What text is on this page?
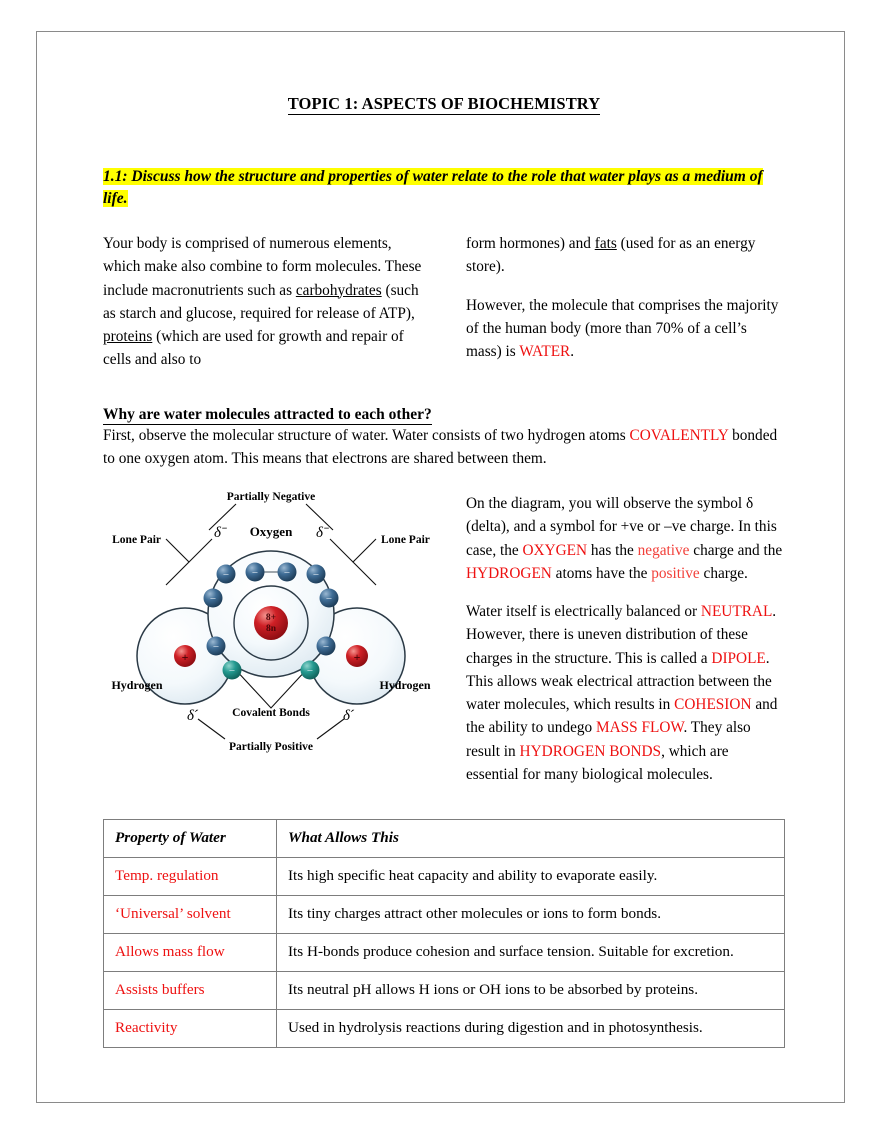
TOPIC 1: ASPECTS OF BIOCHEMISTRY
1.1: Discuss how the structure and properties of water relate to the role that water plays as a medium of life.

Your body is comprised of numerous elements, which make also combine to form molecules. These include macronutrients such as carbohydrates (such as starch and glucose, required for release of ATP), proteins (which are used for growth and repair of cells and also to

form hormones) and fats (used for as an energy store).

However, the molecule that comprises the majority of the human body (more than 70% of a cell’s mass) is WATER.

Why are water molecules attracted to each other?

First, observe the molecular structure of water. Water consists of two hydrogen atoms COVALENTLY bonded to one oxygen atom. This means that electrons are shared between them.

8+
8n
+	+
−	−
−	−
− −
−	−
−	−
Partially Negative
Partially Positive
Lone Pair	Lone Pair
Oxygen
Hydrogen	Hydrogen
Covalent Bonds
δˉ	δˉ
δˊ	δˊ

On the diagram, you will observe the symbol δ (delta), and a symbol for +ve or –ve charge. In this case, the OXYGEN has the negative charge and the HYDROGEN atoms have the positive charge.

Water itself is electrically balanced or NEUTRAL. However, there is uneven distribution of these charges in the structure. This is called a DIPOLE. This allows weak electrical attraction between the water molecules, which results in COHESION and the ability to undego MASS FLOW. They also result in HYDROGEN BONDS, which are essential for many biological molecules.

Property of Water	What Allows This
Temp. regulation	Its high specific heat capacity and ability to evaporate easily.
‘Universal’ solvent	Its tiny charges attract other molecules or ions to form bonds.
Allows mass flow	Its H-bonds produce cohesion and surface tension. Suitable for excretion.
Assists buffers	Its neutral pH allows H ions or OH ions to be absorbed by proteins.
Reactivity	Used in hydrolysis reactions during digestion and in photosynthesis.
